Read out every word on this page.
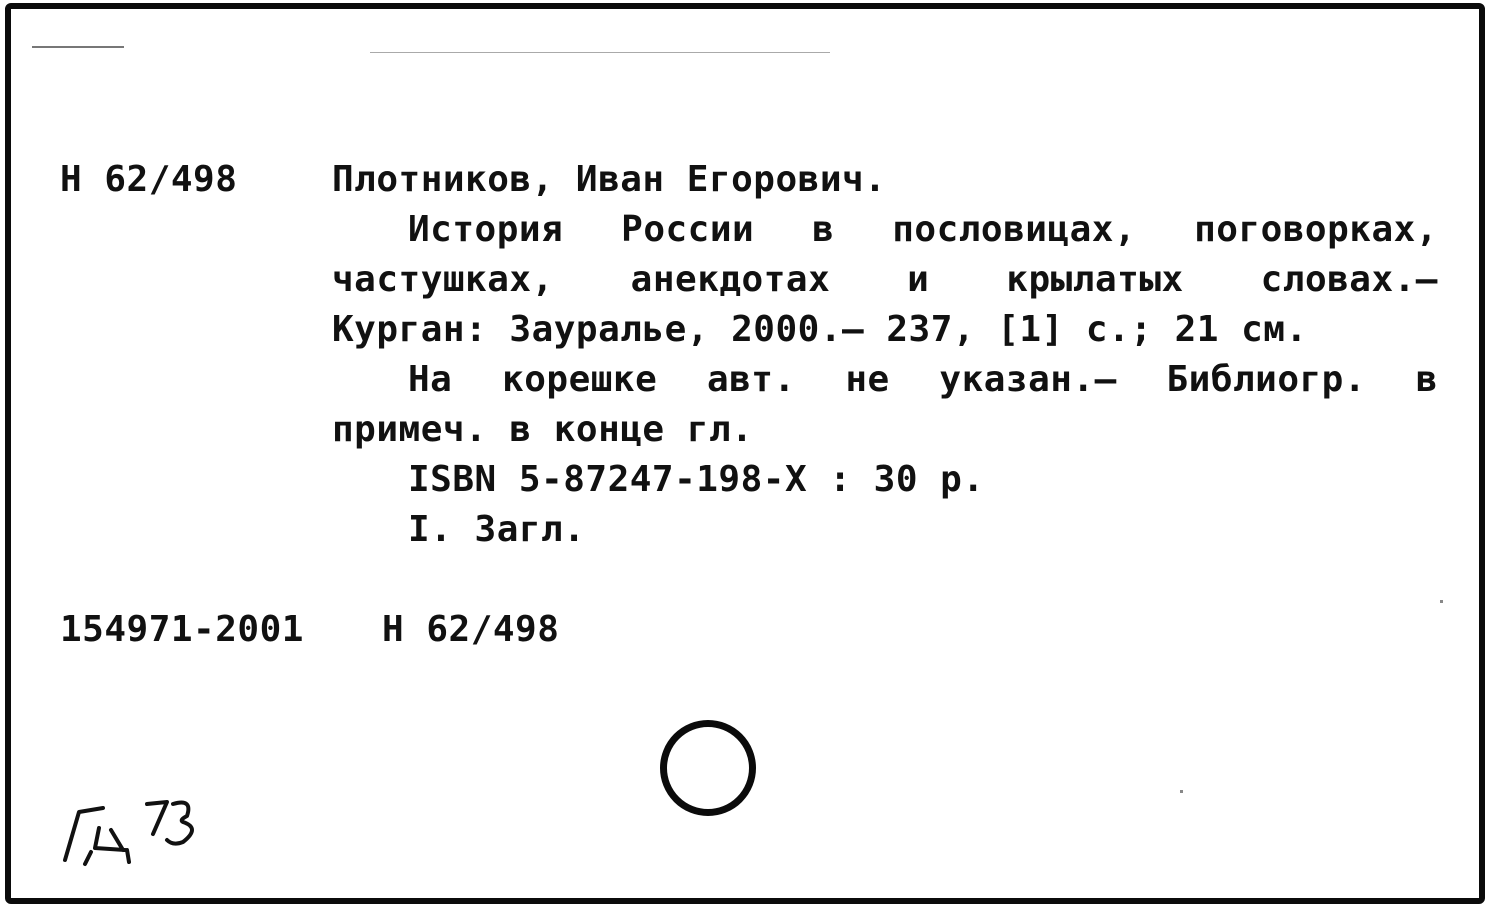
Н 62/498	Плотников, Иван Егорович.
История России в пословицах, поговорках,
частушках, анекдотах и крылатых словах.–
Курган: Зауралье, 2000.– 237, [1] с.; 21 см.
На корешке авт. не указан.– Библиогр. в
примеч. в конце гл.
ISBN 5-87247-198-X : 30 р.
I. Загл.
154971-2001 Н 62/498
